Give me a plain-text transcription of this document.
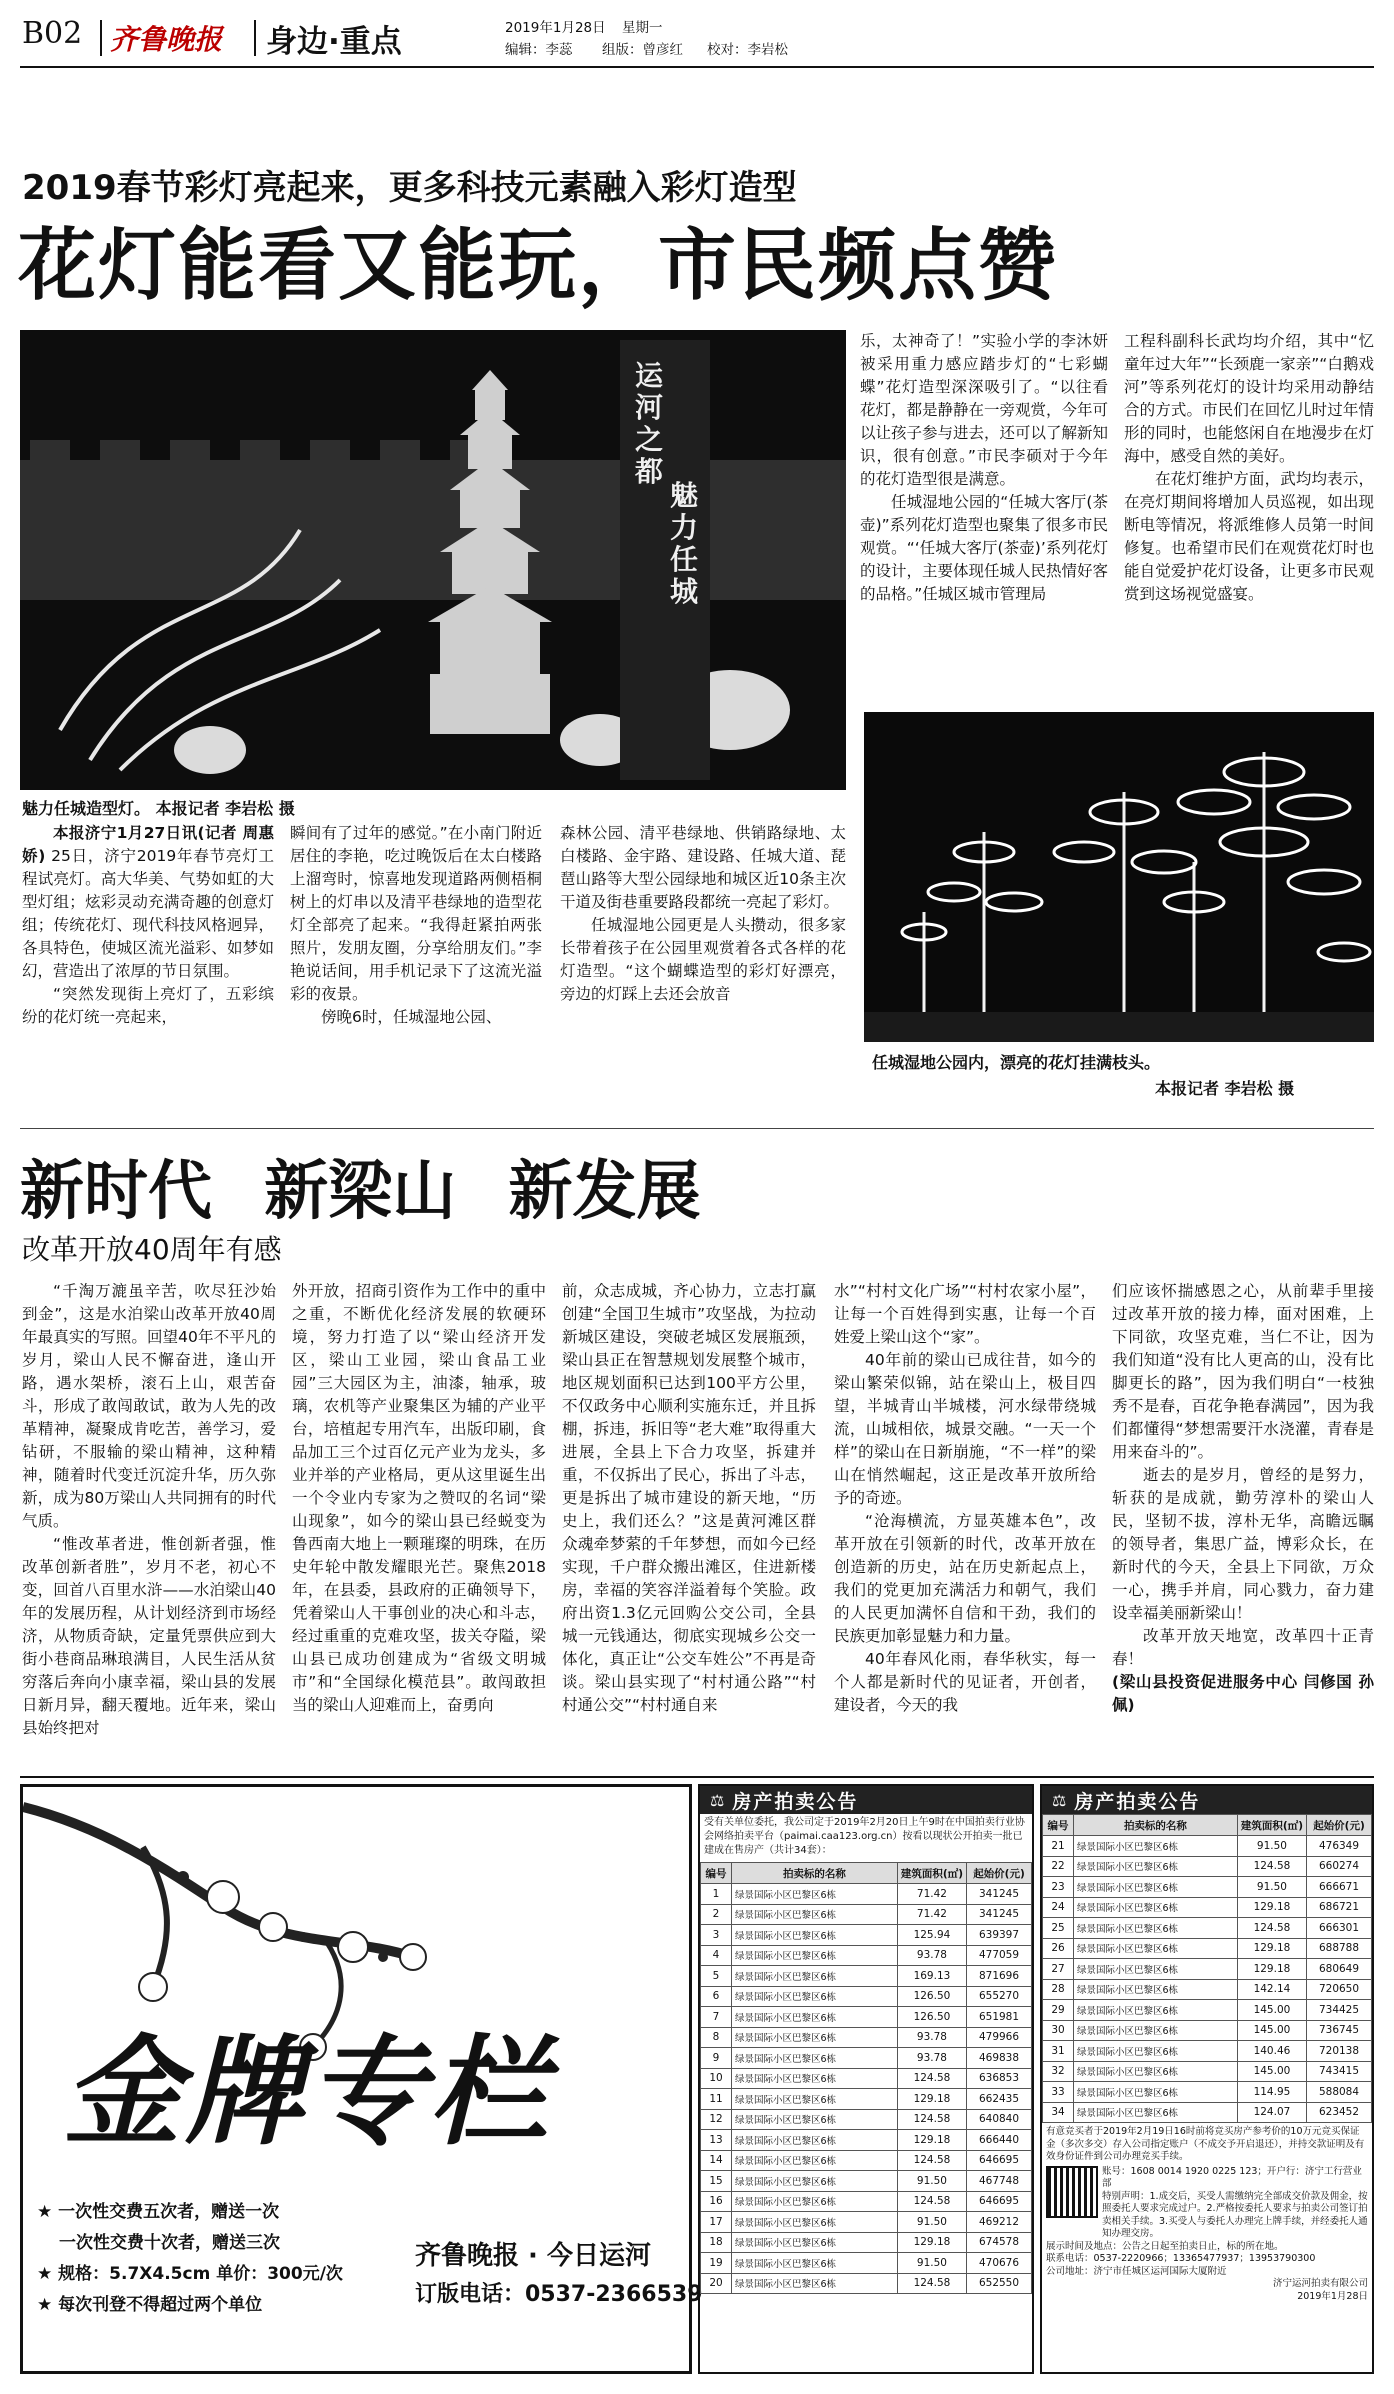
B02 齐鲁晚报 身边·重点	2019年1月28日 星期一
编辑：李蕊 组版：曾彦红 校对：李岩松
2019春节彩灯亮起来，更多科技元素融入彩灯造型
花灯能看又能玩，市民频点赞
运河之都
魅力任城
魅力任城造型灯。 本报记者 李岩松 摄

本报济宁1月27日讯(记者 周惠娇) 25日，济宁2019年春节亮灯工程试亮灯。高大华美、气势如虹的大型灯组；炫彩灵动充满奇趣的创意灯组；传统花灯、现代科技风格迥异，各具特色，使城区流光溢彩、如梦如幻，营造出了浓厚的节日氛围。

“突然发现街上亮灯了，五彩缤纷的花灯统一亮起来，

瞬间有了过年的感觉。”在小南门附近居住的李艳，吃过晚饭后在太白楼路上溜弯时，惊喜地发现道路两侧梧桐树上的灯串以及清平巷绿地的造型花灯全部亮了起来。“我得赶紧拍两张照片，发朋友圈，分享给朋友们。”李艳说话间，用手机记录下了这流光溢彩的夜景。

傍晚6时，任城湿地公园、

森林公园、清平巷绿地、供销路绿地、太白楼路、金宇路、建设路、任城大道、琵琶山路等大型公园绿地和城区近10条主次干道及街巷重要路段都统一亮起了彩灯。

任城湿地公园更是人头攒动，很多家长带着孩子在公园里观赏着各式各样的花灯造型。“这个蝴蝶造型的彩灯好漂亮，旁边的灯踩上去还会放音

乐，太神奇了！”实验小学的李沐妍被采用重力感应踏步灯的“七彩蝴蝶”花灯造型深深吸引了。“以往看花灯，都是静静在一旁观赏，今年可以让孩子参与进去，还可以了解新知识，很有创意。”市民李硕对于今年的花灯造型很是满意。

任城湿地公园的“任城大客厅(茶壶)”系列花灯造型也聚集了很多市民观赏。“‘任城大客厅(茶壶)’系列花灯的设计，主要体现任城人民热情好客的品格。”任城区城市管理局

工程科副科长武均均介绍，其中“忆童年过大年”“长颈鹿一家亲”“白鹅戏河”等系列花灯的设计均采用动静结合的方式。市民们在回忆儿时过年情形的同时，也能悠闲自在地漫步在灯海中，感受自然的美好。

在花灯维护方面，武均均表示，在亮灯期间将增加人员巡视，如出现断电等情况，将派维修人员第一时间修复。也希望市民们在观赏花灯时也能自觉爱护花灯设备，让更多市民观赏到这场视觉盛宴。

任城湿地公园内，漂亮的花灯挂满枝头。
本报记者 李岩松 摄
新时代 新梁山 新发展
改革开放40周年有感

“千淘万漉虽辛苦，吹尽狂沙始到金”，这是水泊梁山改革开放40周年最真实的写照。回望40年不平凡的岁月，梁山人民不懈奋进，逢山开路，遇水架桥，滚石上山，艰苦奋斗，形成了敢闯敢试，敢为人先的改革精神，凝聚成肯吃苦，善学习，爱钻研，不服输的梁山精神，这种精神，随着时代变迁沉淀升华，历久弥新，成为80万梁山人共同拥有的时代气质。

“惟改革者进，惟创新者强，惟改革创新者胜”，岁月不老，初心不变，回首八百里水浒——水泊梁山40年的发展历程，从计划经济到市场经济，从物质奇缺，定量凭票供应到大街小巷商品琳琅满目，人民生活从贫穷落后奔向小康幸福，梁山县的发展日新月异，翻天覆地。近年来，梁山县始终把对

外开放，招商引资作为工作中的重中之重，不断优化经济发展的软硬环境，努力打造了以“梁山经济开发区，梁山工业园，梁山食品工业园”三大园区为主，油漆，轴承，玻璃，农机等产业聚集区为辅的产业平台，培植起专用汽车，出版印刷，食品加工三个过百亿元产业为龙头，多业并举的产业格局，更从这里诞生出一个令业内专家为之赞叹的名词“梁山现象”，如今的梁山县已经蜕变为鲁西南大地上一颗璀璨的明珠，在历史年轮中散发耀眼光芒。聚焦2018年，在县委，县政府的正确领导下，凭着梁山人干事创业的决心和斗志，经过重重的克难攻坚，拔关夺隘，梁山县已成功创建成为“省级文明城市”和“全国绿化模范县”。敢闯敢担当的梁山人迎难而上，奋勇向

前，众志成城，齐心协力，立志打赢创建“全国卫生城市”攻坚战，为拉动新城区建设，突破老城区发展瓶颈，梁山县正在智慧规划发展整个城市，地区规划面积已达到100平方公里，不仅政务中心顺利实施东迁，并且拆棚，拆违，拆旧等“老大难”取得重大进展，全县上下合力攻坚，拆建并重，不仅拆出了民心，拆出了斗志，更是拆出了城市建设的新天地，“历史上，我们还么？”这是黄河滩区群众魂牵梦萦的千年梦想，而如今已经实现，千户群众搬出滩区，住进新楼房，幸福的笑容洋溢着每个笑脸。政府出资1.3亿元回购公交公司，全县城一元钱通达，彻底实现城乡公交一体化，真正让“公交车姓公”不再是奇谈。梁山县实现了“村村通公路”“村村通公交”“村村通自来

水”“村村文化广场”“村村农家小屋”，让每一个百姓得到实惠，让每一个百姓爱上梁山这个“家”。

40年前的梁山已成往昔，如今的梁山繁荣似锦，站在梁山上，极目四望，半城青山半城楼，河水绿带绕城流，山城相依，城景交融。“一天一个样”的梁山在日新崩施，“不一样”的梁山在悄然崛起，这正是改革开放所给予的奇迹。

“沧海横流，方显英雄本色”，改革开放在引领新的时代，改革开放在创造新的历史，站在历史新起点上，我们的党更加充满活力和朝气，我们的人民更加满怀自信和干劲，我们的民族更加彰显魅力和力量。

40年春风化雨，春华秋实，每一个人都是新时代的见证者，开创者，建设者，今天的我

们应该怀揣感恩之心，从前辈手里接过改革开放的接力棒，面对困难，上下同欲，攻坚克难，当仁不让，因为我们知道“没有比人更高的山，没有比脚更长的路”，因为我们明白“一枝独秀不是春，百花争艳春满园”，因为我们都懂得“梦想需要汗水浇灌，青春是用来奋斗的”。

逝去的是岁月，曾经的是努力，斩获的是成就，勤劳淳朴的梁山人民，坚韧不拔，淳朴无华，高瞻远瞩的领导者，集思广益，博彩众长，在新时代的今天，全县上下同欲，万众一心，携手并肩，同心戮力，奋力建设幸福美丽新梁山！

改革开放天地宽，改革四十正青春！

(梁山县投资促进服务中心 闫修国 孙佩)

金牌专栏
★ 一次性交费五次者，赠送一次
一次性交费十次者，赠送三次
★ 规格：5.7X4.5cm 单价：300元/次
★ 每次刊登不得超过两个单位
齐鲁晚报 · 今日运河
订版电话：0537-2366539
⚖ 房产拍卖公告
受有关单位委托，我公司定于2019年2月20日上午9时在中国拍卖行业协会网络拍卖平台（paimai.caa123.org.cn）按看以现状公开拍卖一批已建成在售房产（共计34套）：
编号	拍卖标的名称	建筑面积(㎡)	起始价(元)
1	绿景国际小区巴黎区6栋	71.42	341245
2	绿景国际小区巴黎区6栋	71.42	341245
3	绿景国际小区巴黎区6栋	125.94	639397
4	绿景国际小区巴黎区6栋	93.78	477059
5	绿景国际小区巴黎区6栋	169.13	871696
6	绿景国际小区巴黎区6栋	126.50	655270
7	绿景国际小区巴黎区6栋	126.50	651981
8	绿景国际小区巴黎区6栋	93.78	479966
9	绿景国际小区巴黎区6栋	93.78	469838
10	绿景国际小区巴黎区6栋	124.58	636853
11	绿景国际小区巴黎区6栋	129.18	662435
12	绿景国际小区巴黎区6栋	124.58	640840
13	绿景国际小区巴黎区6栋	129.18	666440
14	绿景国际小区巴黎区6栋	124.58	646695
15	绿景国际小区巴黎区6栋	91.50	467748
16	绿景国际小区巴黎区6栋	124.58	646695
17	绿景国际小区巴黎区6栋	91.50	469212
18	绿景国际小区巴黎区6栋	129.18	674578
19	绿景国际小区巴黎区6栋	91.50	470676
20	绿景国际小区巴黎区6栋	124.58	652550
⚖ 房产拍卖公告
编号	拍卖标的名称	建筑面积(㎡)	起始价(元)
21	绿景国际小区巴黎区6栋	91.50	476349
22	绿景国际小区巴黎区6栋	124.58	660274
23	绿景国际小区巴黎区6栋	91.50	666671
24	绿景国际小区巴黎区6栋	129.18	686721
25	绿景国际小区巴黎区6栋	124.58	666301
26	绿景国际小区巴黎区6栋	129.18	688788
27	绿景国际小区巴黎区6栋	129.18	680649
28	绿景国际小区巴黎区6栋	142.14	720650
29	绿景国际小区巴黎区6栋	145.00	734425
30	绿景国际小区巴黎区6栋	145.00	736745
31	绿景国际小区巴黎区6栋	140.46	720138
32	绿景国际小区巴黎区6栋	145.00	743415
33	绿景国际小区巴黎区6栋	114.95	588084
34	绿景国际小区巴黎区6栋	124.07	623452
有意竞买者于2019年2月19日16时前将竞买房产参考价的10万元竞买保证金（多次多交）存入公司指定账户（不成交予开启退还），并持交款证明及有效身份证件到公司办理竞买手续。
账号：1608 0014 1920 0225 123；开户行：济宁工行营业部
特别声明：1.成交后，买受人需缴纳完全部成交价款及佣金，按照委托人要求完成过户。2.严格按委托人要求与拍卖公司签订拍卖相关手续。3.买受人与委托人办理完上牌手续，并经委托人通知办理交房。
展示时间及地点：公告之日起至拍卖日止，标的所在地。
联系电话：0537-2220966；13365477937；13953790300
公司地址：济宁市任城区运河国际大厦附近
济宁运河拍卖有限公司
2019年1月28日
